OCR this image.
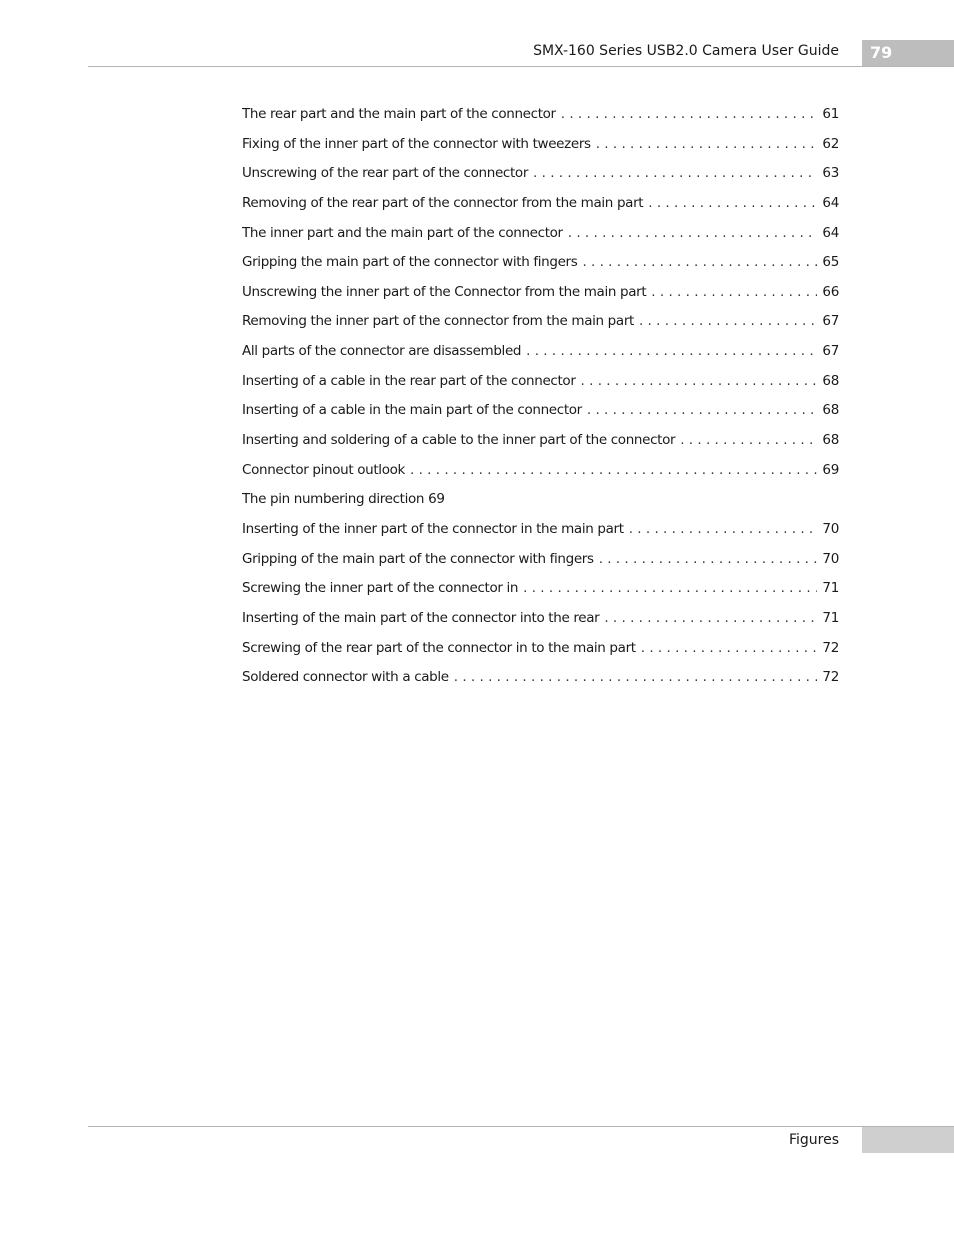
SMX-160 Series USB2.0 Camera User Guide 79
The rear part and the main part of the connector . . .	61
Fixing of the inner part of the connector with tweezers . . .	62
Unscrewing of the rear part of the connector . . .	63
Removing of the rear part of the connector from the main part . . .	64
The inner part and the main part of the connector . . .	64
Gripping the main part of the connector with fingers . . .	65
Unscrewing the inner part of the Connector from the main part . . .	66
Removing the inner part of the connector from the main part . . .	67
All parts of the connector are disassembled . . .	67
Inserting of a cable in the rear part of the connector . . .	68
Inserting of a cable in the main part of the connector . . .	68
Inserting and soldering of a cable to the inner part of the connector . . .	68
Connector pinout outlook . . .	69
The pin numbering direction 69
Inserting of the inner part of the connector in the main part . . .	70
Gripping of the main part of the connector with fingers . . .	70
Screwing the inner part of the connector in . . .	71
Inserting of the main part of the connector into the rear . . .	71
Screwing of the rear part of the connector in to the main part . . .	72
Soldered connector with a cable . . .	72
Figures
